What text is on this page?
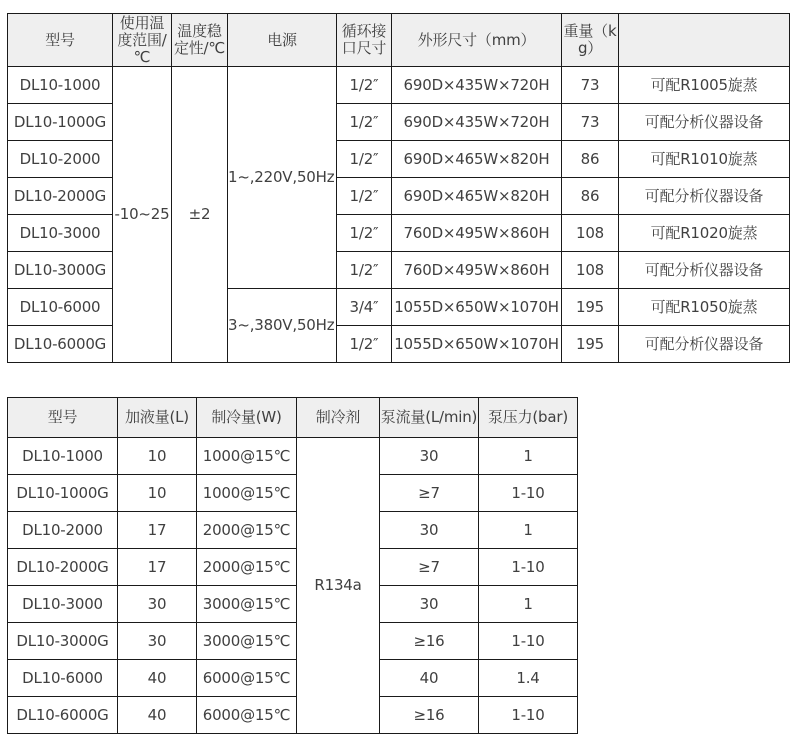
型号	使用温度范围/℃	温度稳定性/℃	电源	循环接口尺寸	外形尺寸（mm）	重量（kg）	
DL10-1000	-10~25	±2	1~,220V,50Hz	1/2″	690D×435W×720H	73	可配R1005旋蒸
DL10-1000G				1/2″	690D×435W×720H	73	可配分析仪器设备
DL10-2000				1/2″	690D×465W×820H	86	可配R1010旋蒸
DL10-2000G				1/2″	690D×465W×820H	86	可配分析仪器设备
DL10-3000				1/2″	760D×495W×860H	108	可配R1020旋蒸
DL10-3000G				1/2″	760D×495W×860H	108	可配分析仪器设备
DL10-6000			3~,380V,50Hz	3/4″	1055D×650W×1070H	195	可配R1050旋蒸
DL10-6000G				1/2″	1055D×650W×1070H	195	可配分析仪器设备
型号	加液量(L)	制冷量(W)	制冷剂	泵流量(L/min)	泵压力(bar)
DL10-1000	10	1000@15℃	R134a	30	1
DL10-1000G	10	1000@15℃		≥7	1-10
DL10-2000	17	2000@15℃		30	1
DL10-2000G	17	2000@15℃		≥7	1-10
DL10-3000	30	3000@15℃		30	1
DL10-3000G	30	3000@15℃		≥16	1-10
DL10-6000	40	6000@15℃		40	1.4
DL10-6000G	40	6000@15℃		≥16	1-10
